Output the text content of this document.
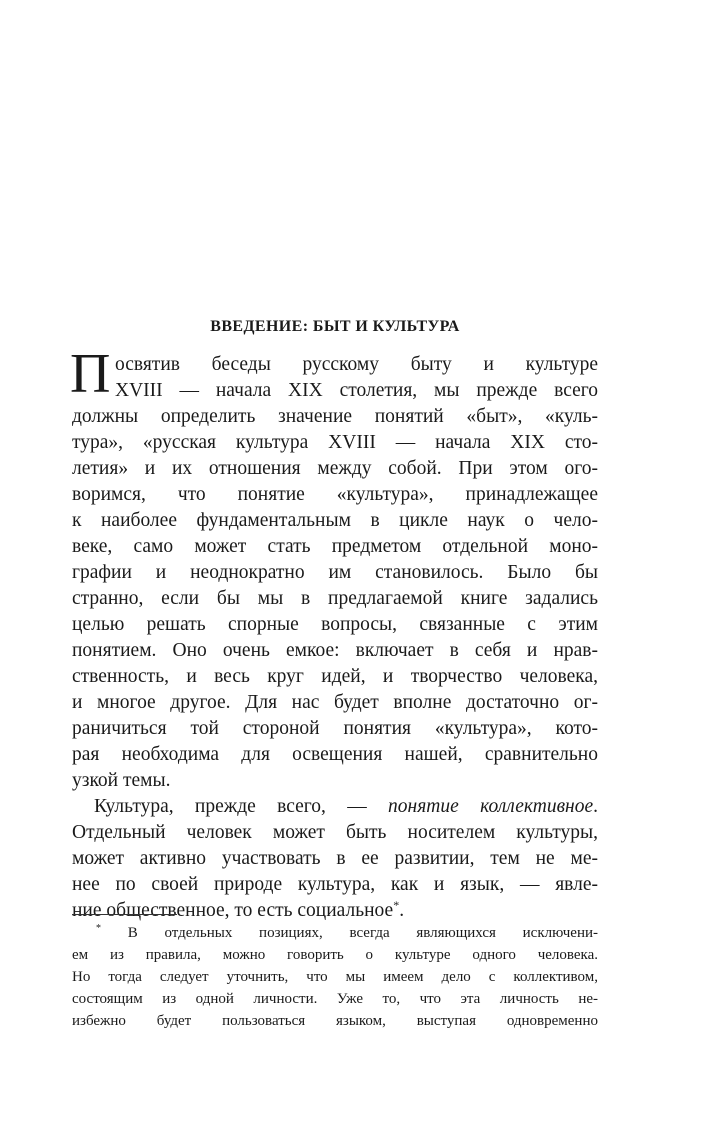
ВВЕДЕНИЕ: БЫТ И КУЛЬТУРА
П освятив беседы русскому быту и культуре
XVIII — начала XIX столетия, мы прежде всего
должны определить значение понятий «быт», «куль-
тура», «русская культура XVIII — начала XIX сто-
летия» и их отношения между собой. При этом ого-
воримся, что понятие «культура», принадлежащее
к наиболее фундаментальным в цикле наук о чело-
веке, само может стать предметом отдельной моно-
графии и неоднократно им становилось. Было бы
странно, если бы мы в предлагаемой книге задались
целью решать спорные вопросы, связанные с этим
понятием. Оно очень емкое: включает в себя и нрав-
ственность, и весь круг идей, и творчество человека,
и многое другое. Для нас будет вполне достаточно ог-
раничиться той стороной понятия «культура», кото-
рая необходима для освещения нашей, сравнительно
узкой темы.
Культура, прежде всего, — понятие коллективное.
Отдельный человек может быть носителем культуры,
может активно участвовать в ее развитии, тем не ме-
нее по своей природе культура, как и язык, — явле-
ние общественное, то есть социальное*.
* В отдельных позициях, всегда являющихся исключени-
ем из правила, можно говорить о культуре одного человека.
Но тогда следует уточнить, что мы имеем дело с коллективом,
состоящим из одной личности. Уже то, что эта личность не-
избежно будет пользоваться языком, выступая одновременно
